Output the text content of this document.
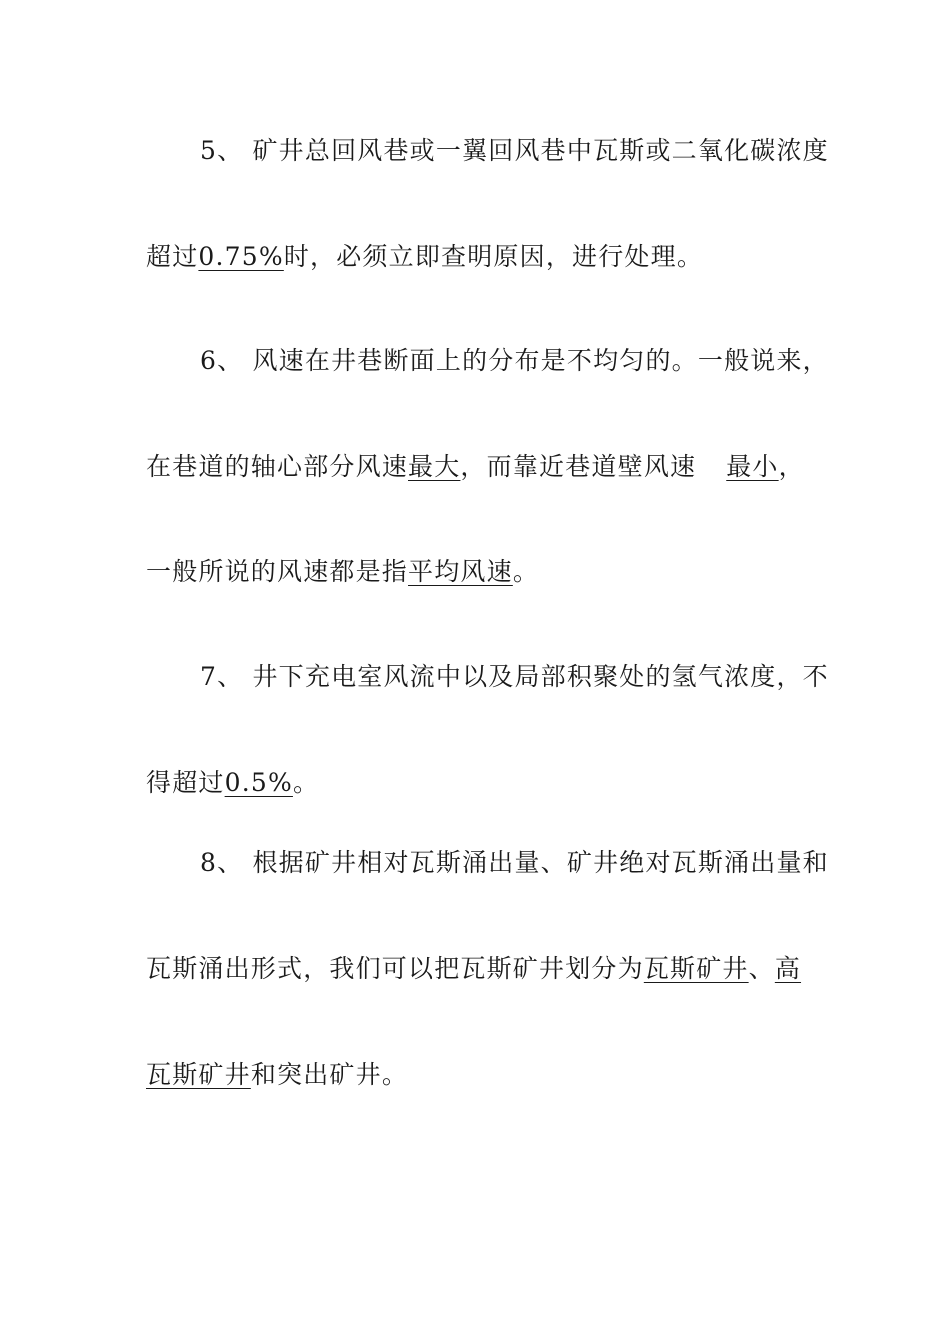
5、 矿井总回风巷或一翼回风巷中瓦斯或二氧化碳浓度
超过0.75%时，必须立即查明原因，进行处理。
6、 风速在井巷断面上的分布是不均匀的。一般说来，
在巷道的轴心部分风速最大，而靠近巷道壁风速 最小，
一般所说的风速都是指平均风速。
7、 井下充电室风流中以及局部积聚处的氢气浓度，不
得超过0.5%。
8、 根据矿井相对瓦斯涌出量、矿井绝对瓦斯涌出量和
瓦斯涌出形式，我们可以把瓦斯矿井划分为瓦斯矿井、高
瓦斯矿井和突出矿井。
